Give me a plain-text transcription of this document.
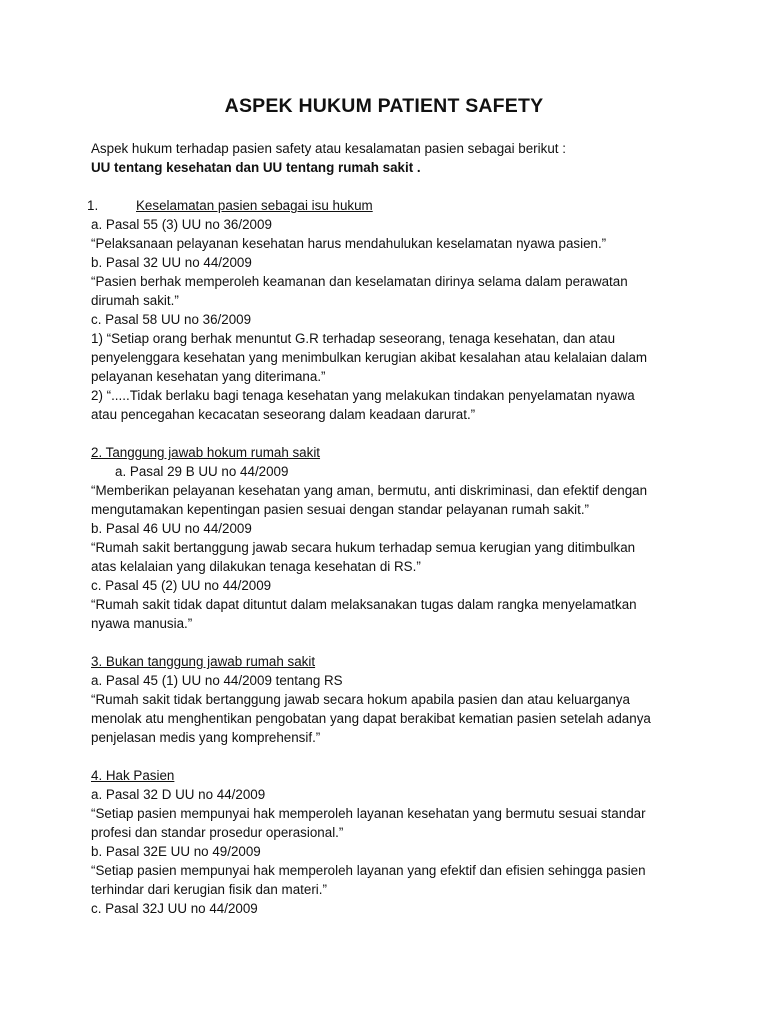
ASPEK HUKUM PATIENT SAFETY
Aspek hukum terhadap pasien safety atau kesalamatan pasien sebagai berikut :
UU tentang kesehatan dan UU tentang rumah sakit .
1.	Keselamatan pasien sebagai isu hukum
a. Pasal 55 (3) UU no 36/2009
“Pelaksanaan pelayanan kesehatan harus mendahulukan keselamatan nyawa pasien.”
b. Pasal 32 UU no 44/2009
“Pasien berhak memperoleh keamanan dan keselamatan dirinya selama dalam perawatan
dirumah sakit.”
c. Pasal 58 UU no 36/2009
1) “Setiap orang berhak menuntut G.R terhadap seseorang, tenaga kesehatan, dan atau
penyelenggara kesehatan yang menimbulkan kerugian akibat kesalahan atau kelalaian dalam
pelayanan kesehatan yang diterimana.”
2) “.....Tidak berlaku bagi tenaga kesehatan yang melakukan tindakan penyelamatan nyawa
atau pencegahan kecacatan seseorang dalam keadaan darurat.”
2. Tanggung jawab hokum rumah sakit
a. Pasal 29 B UU no 44/2009
“Memberikan pelayanan kesehatan yang aman, bermutu, anti diskriminasi, dan efektif dengan
mengutamakan kepentingan pasien sesuai dengan standar pelayanan rumah sakit.”
b. Pasal 46 UU no 44/2009
“Rumah sakit bertanggung jawab secara hukum terhadap semua kerugian yang ditimbulkan
atas kelalaian yang dilakukan tenaga kesehatan di RS.”
c. Pasal 45 (2) UU no 44/2009
“Rumah sakit tidak dapat dituntut dalam melaksanakan tugas dalam rangka menyelamatkan
nyawa manusia.”
3. Bukan tanggung jawab rumah sakit
a. Pasal 45 (1) UU no 44/2009 tentang RS
“Rumah sakit tidak bertanggung jawab secara hokum apabila pasien dan atau keluarganya
menolak atu menghentikan pengobatan yang dapat berakibat kematian pasien setelah adanya
penjelasan medis yang komprehensif.”
4. Hak Pasien
a. Pasal 32 D UU no 44/2009
“Setiap pasien mempunyai hak memperoleh layanan kesehatan yang bermutu sesuai standar
profesi dan standar prosedur operasional.”
b. Pasal 32E UU no 49/2009
“Setiap pasien mempunyai hak memperoleh layanan yang efektif dan efisien sehingga pasien
terhindar dari kerugian fisik dan materi.”
c. Pasal 32J UU no 44/2009
